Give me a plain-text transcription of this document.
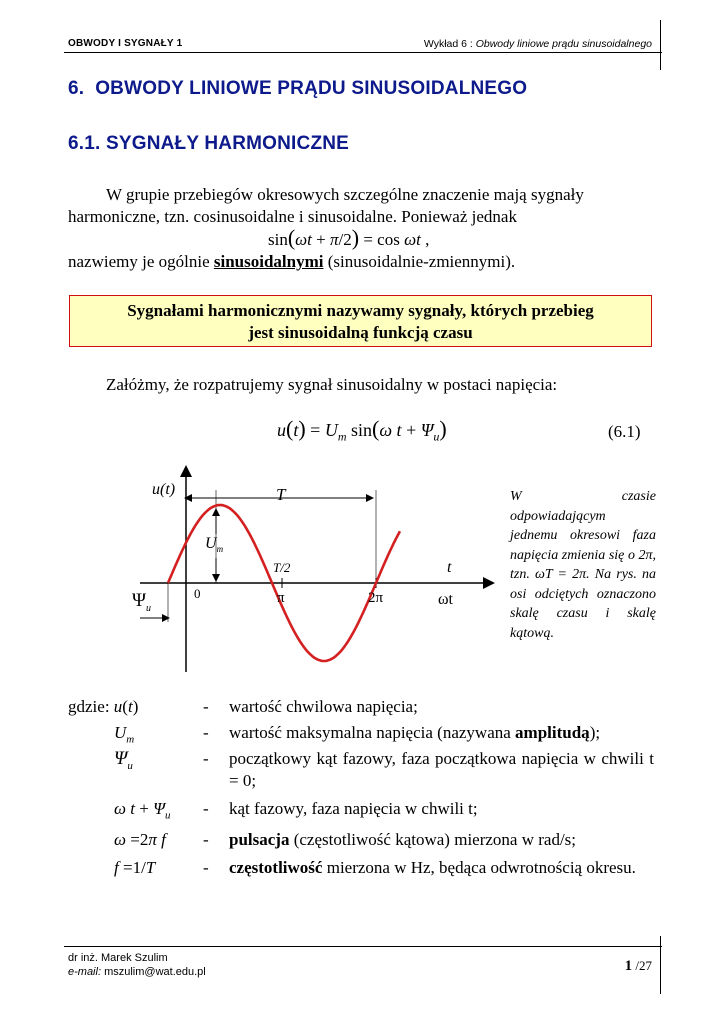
OBWODY I SYGNAŁY 1	Wykład 6 : Obwody liniowe prądu sinusoidalnego
6.  OBWODY LINIOWE PRĄDU SINUSOIDALNEGO
6.1. SYGNAŁY HARMONICZNE
W grupie przebiegów okresowych szczególne znaczenie mają sygnały
harmoniczne, tzn. cosinusoidalne i sinusoidalne. Ponieważ jednak
sin(ωt + π/2) = cos ωt ,
nazwiemy je ogólnie sinusoidalnymi (sinusoidalnie-zmiennymi).
Sygnałami harmonicznymi nazywamy sygnały, których przebieg
jest sinusoidalną funkcją czasu
Załóżmy, że rozpatrujemy sygnał sinusoidalny w postaci napięcia:
$u(t) = U_m$ sin(ω $t + \Psi_u$)	(6.1)
u(t)	T
$U_m$
T/2	t
0	π	2π	ωt
$\Psi_u$
W czasie odpowiadającym jednemu okresowi faza napięcia zmienia się o 2π, tzn. ωT = 2π. Na rys. na osi odciętych oznaczono skalę czasu i skalę kątową.
gdzie: u(t)	- wartość chwilowa napięcia;
$U_m$	- wartość maksymalna napięcia (nazywana amplitudą);
$\Psi_u$	- początkowy kąt fazowy, faza początkowa napięcia w chwili t = 0;
ω $t + \Psi_u$	- kąt fazowy, faza napięcia w chwili t;
ω =2π f	- pulsacja (częstotliwość kątowa) mierzona w rad/s;
f =1/T	- częstotliwość mierzona w Hz, będąca odwrotnością okresu.
dr inż. Marek Szulim
e-mail: mszulim@wat.edu.pl	1 /27
